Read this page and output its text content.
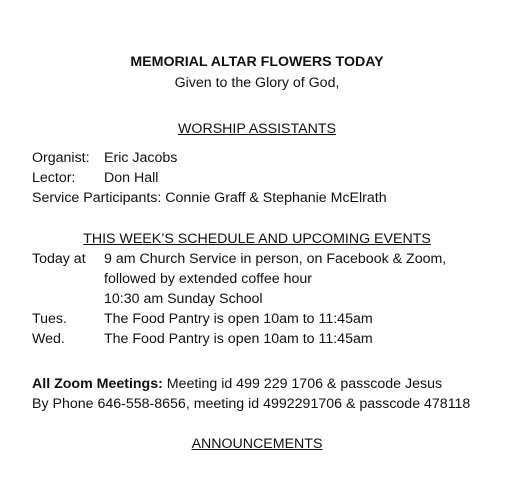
MEMORIAL ALTAR FLOWERS TODAY
Given to the Glory of God,
WORSHIP ASSISTANTS
Organist: Eric Jacobs
Lector: Don Hall
Service Participants: Connie Graff & Stephanie McElrath
THIS WEEK’S SCHEDULE AND UPCOMING EVENTS
Today at 9 am Church Service in person, on Facebook & Zoom,
followed by extended coffee hour
10:30 am Sunday School
Tues.	The Food Pantry is open 10am to 11:45am
Wed.	The Food Pantry is open 10am to 11:45am
All Zoom Meetings: Meeting id 499 229 1706 & passcode Jesus
By Phone 646-558-8656, meeting id 4992291706 & passcode 478118
ANNOUNCEMENTS
